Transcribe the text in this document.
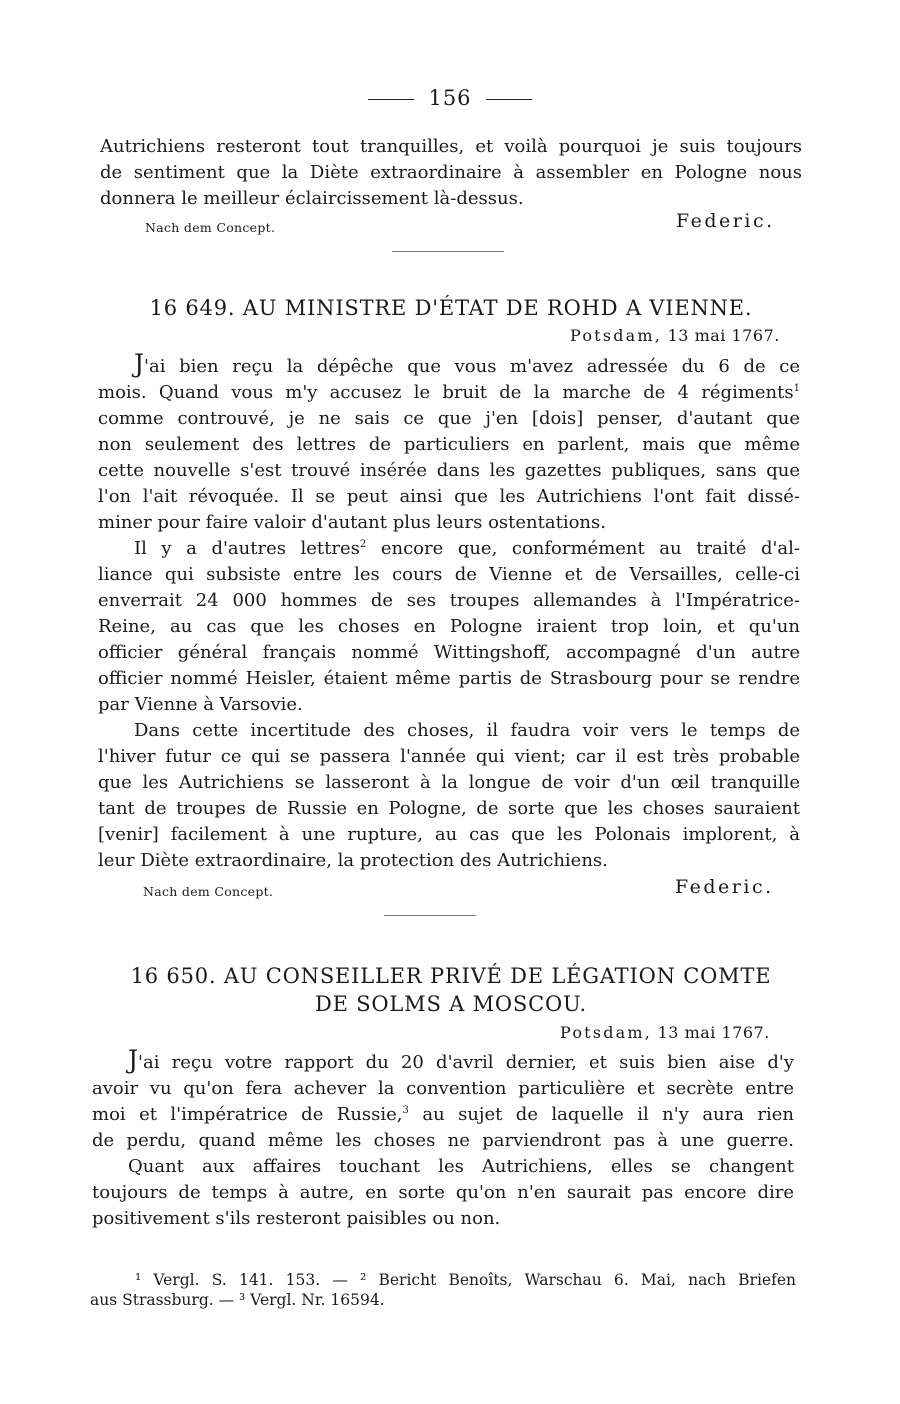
156
Autrichiens resteront tout tranquilles, et voilà pourquoi je suis toujours
de sentiment que la Diète extraordinaire à assembler en Pologne nous
donnera le meilleur éclaircissement là-dessus.
Nach dem Concept.	Federic.
16 649. AU MINISTRE D'ÉTAT DE ROHD A VIENNE.
Potsdam, 13 mai 1767.
J'ai bien reçu la dépêche que vous m'avez adressée du 6 de ce
mois. Quand vous m'y accusez le bruit de la marche de 4 régiments$^1$
comme controuvé, je ne sais ce que j'en [dois] penser, d'autant que
non seulement des lettres de particuliers en parlent, mais que même
cette nouvelle s'est trouvé insérée dans les gazettes publiques, sans que
l'on l'ait révoquée. Il se peut ainsi que les Autrichiens l'ont fait dissé-
miner pour faire valoir d'autant plus leurs ostentations.
Il y a d'autres lettres$^2$ encore que, conformément au traité d'al-
liance qui subsiste entre les cours de Vienne et de Versailles, celle-ci
enverrait 24 000 hommes de ses troupes allemandes à l'Impératrice-
Reine, au cas que les choses en Pologne iraient trop loin, et qu'un
officier général français nommé Wittingshoff, accompagné d'un autre
officier nommé Heisler, étaient même partis de Strasbourg pour se rendre
par Vienne à Varsovie.
Dans cette incertitude des choses, il faudra voir vers le temps de
l'hiver futur ce qui se passera l'année qui vient; car il est très probable
que les Autrichiens se lasseront à la longue de voir d'un œil tranquille
tant de troupes de Russie en Pologne, de sorte que les choses sauraient
[venir] facilement à une rupture, au cas que les Polonais implorent, à
leur Diète extraordinaire, la protection des Autrichiens.
Nach dem Concept.	Federic.
16 650. AU CONSEILLER PRIVÉ DE LÉGATION COMTE
DE SOLMS A MOSCOU.
Potsdam, 13 mai 1767.
J'ai reçu votre rapport du 20 d'avril dernier, et suis bien aise d'y
avoir vu qu'on fera achever la convention particulière et secrète entre
moi et l'impératrice de Russie,$^3$ au sujet de laquelle il n'y aura rien
de perdu, quand même les choses ne parviendront pas à une guerre.
Quant aux affaires touchant les Autrichiens, elles se changent
toujours de temps à autre, en sorte qu'on n'en saurait pas encore dire
positivement s'ils resteront paisibles ou non.
¹ Vergl. S. 141. 153. — ² Bericht Benoîts, Warschau 6. Mai, nach Briefen
aus Strassburg. — ³ Vergl. Nr. 16594.
